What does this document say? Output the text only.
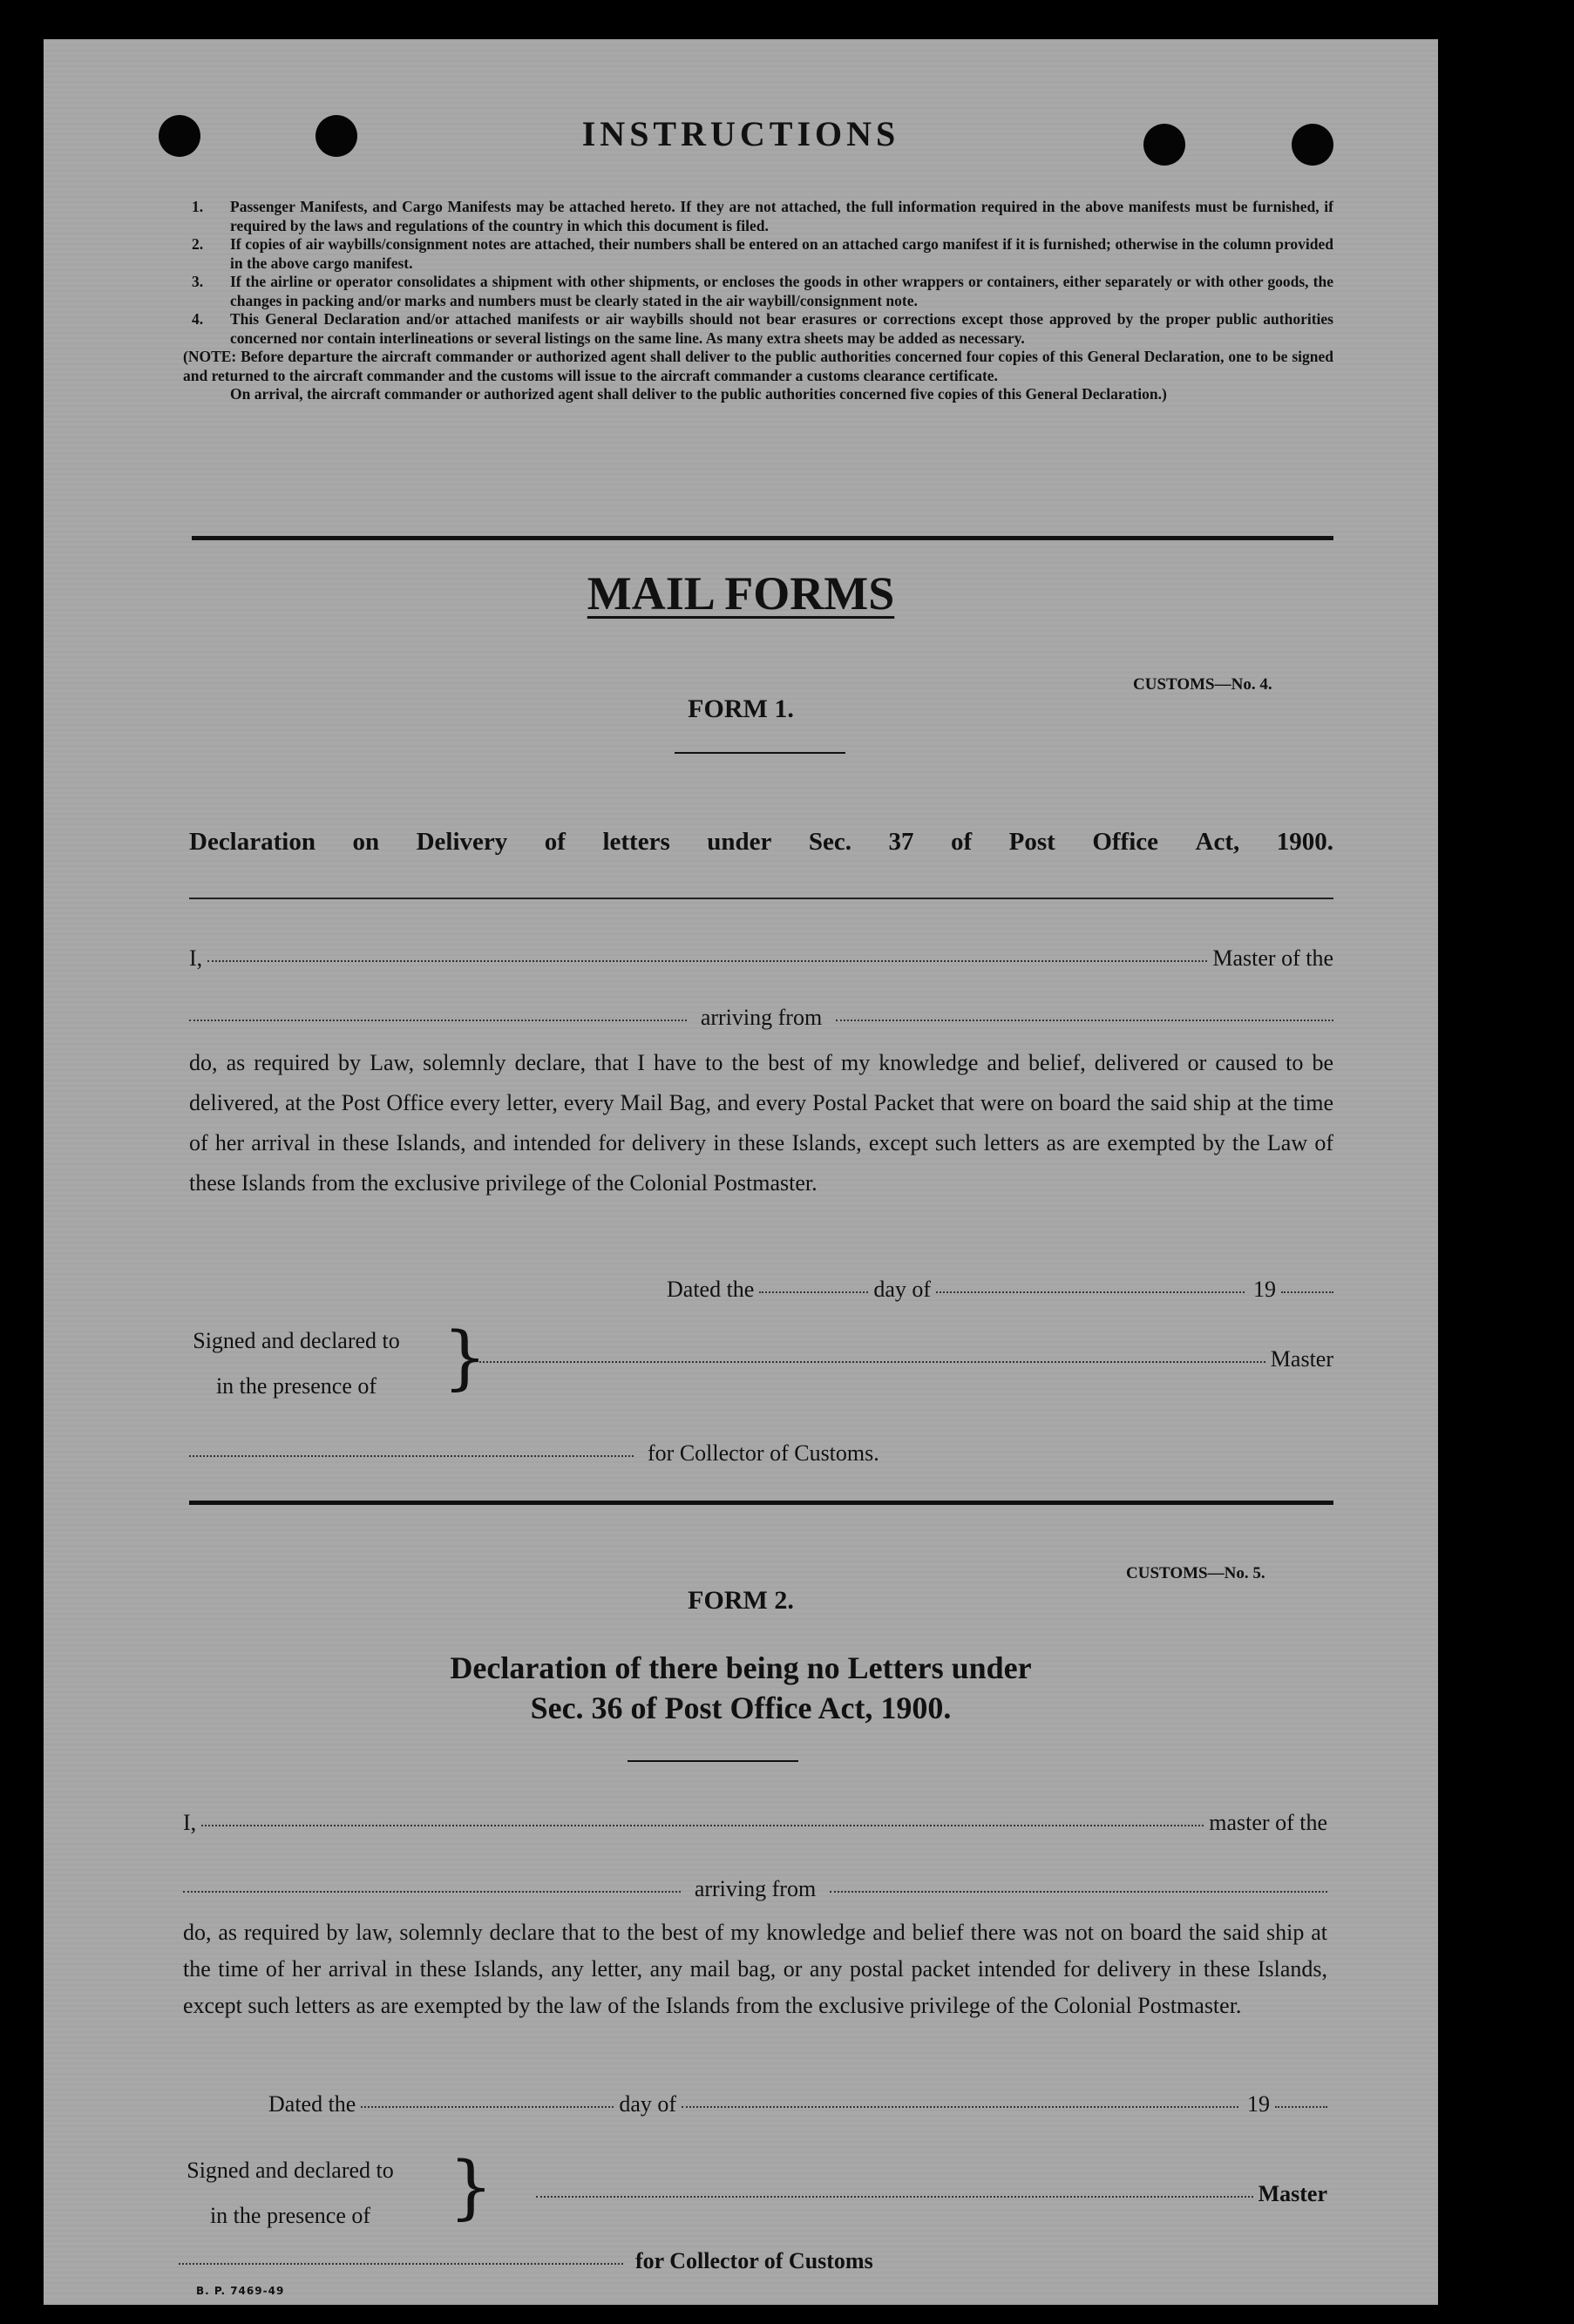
INSTRUCTIONS
1.	Passenger Manifests, and Cargo Manifests may be attached hereto. If they are not attached, the full information required in the above manifests must be furnished, if required by the laws and regulations of the country in which this document is filed.
2.	If copies of air waybills/consignment notes are attached, their numbers shall be entered on an attached cargo manifest if it is furnished; otherwise in the column provided in the above cargo manifest.
3.	If the airline or operator consolidates a shipment with other shipments, or encloses the goods in other wrappers or containers, either separately or with other goods, the changes in packing and/or marks and numbers must be clearly stated in the air waybill/consignment note.
4.	This General Declaration and/or attached manifests or air waybills should not bear erasures or corrections except those approved by the proper public authorities concerned nor contain interlineations or several listings on the same line. As many extra sheets may be added as necessary.
(NOTE: Before departure the aircraft commander or authorized agent shall deliver to the public authorities concerned four copies of this General Declaration, one to be signed and returned to the aircraft commander and the customs will issue to the aircraft commander a customs clearance certificate.
On arrival, the aircraft commander or authorized agent shall deliver to the public authorities concerned five copies of this General Declaration.)
MAIL FORMS
CUSTOMS—No. 4.
FORM 1.
Declaration on Delivery of letters under Sec. 37 of Post Office Act, 1900.
I,	Master of the
arriving from
do, as required by Law, solemnly declare, that I have to the best of my knowledge and belief, delivered or caused to be delivered, at the Post Office every letter, every Mail Bag, and every Postal Packet that were on board the said ship at the time of her arrival in these Islands, and intended for delivery in these Islands, except such letters as are exempted by the Law of these Islands from the exclusive privilege of the Colonial Postmaster.
Dated the	day of	19
Signed and declared to
in the presence of }	Master
for Collector of Customs.
CUSTOMS—No. 5.
FORM 2.
Declaration of there being no Letters under
Sec. 36 of Post Office Act, 1900.
I,	master of the
arriving from
do, as required by law, solemnly declare that to the best of my knowledge and belief there was not on board the said ship at the time of her arrival in these Islands, any letter, any mail bag, or any postal packet intended for delivery in these Islands, except such letters as are exempted by the law of the Islands from the exclusive privilege of the Colonial Postmaster.
Dated the	day of	19
Signed and declared to
in the presence of	}	Master
for Collector of Customs
B. P. 7469-49
